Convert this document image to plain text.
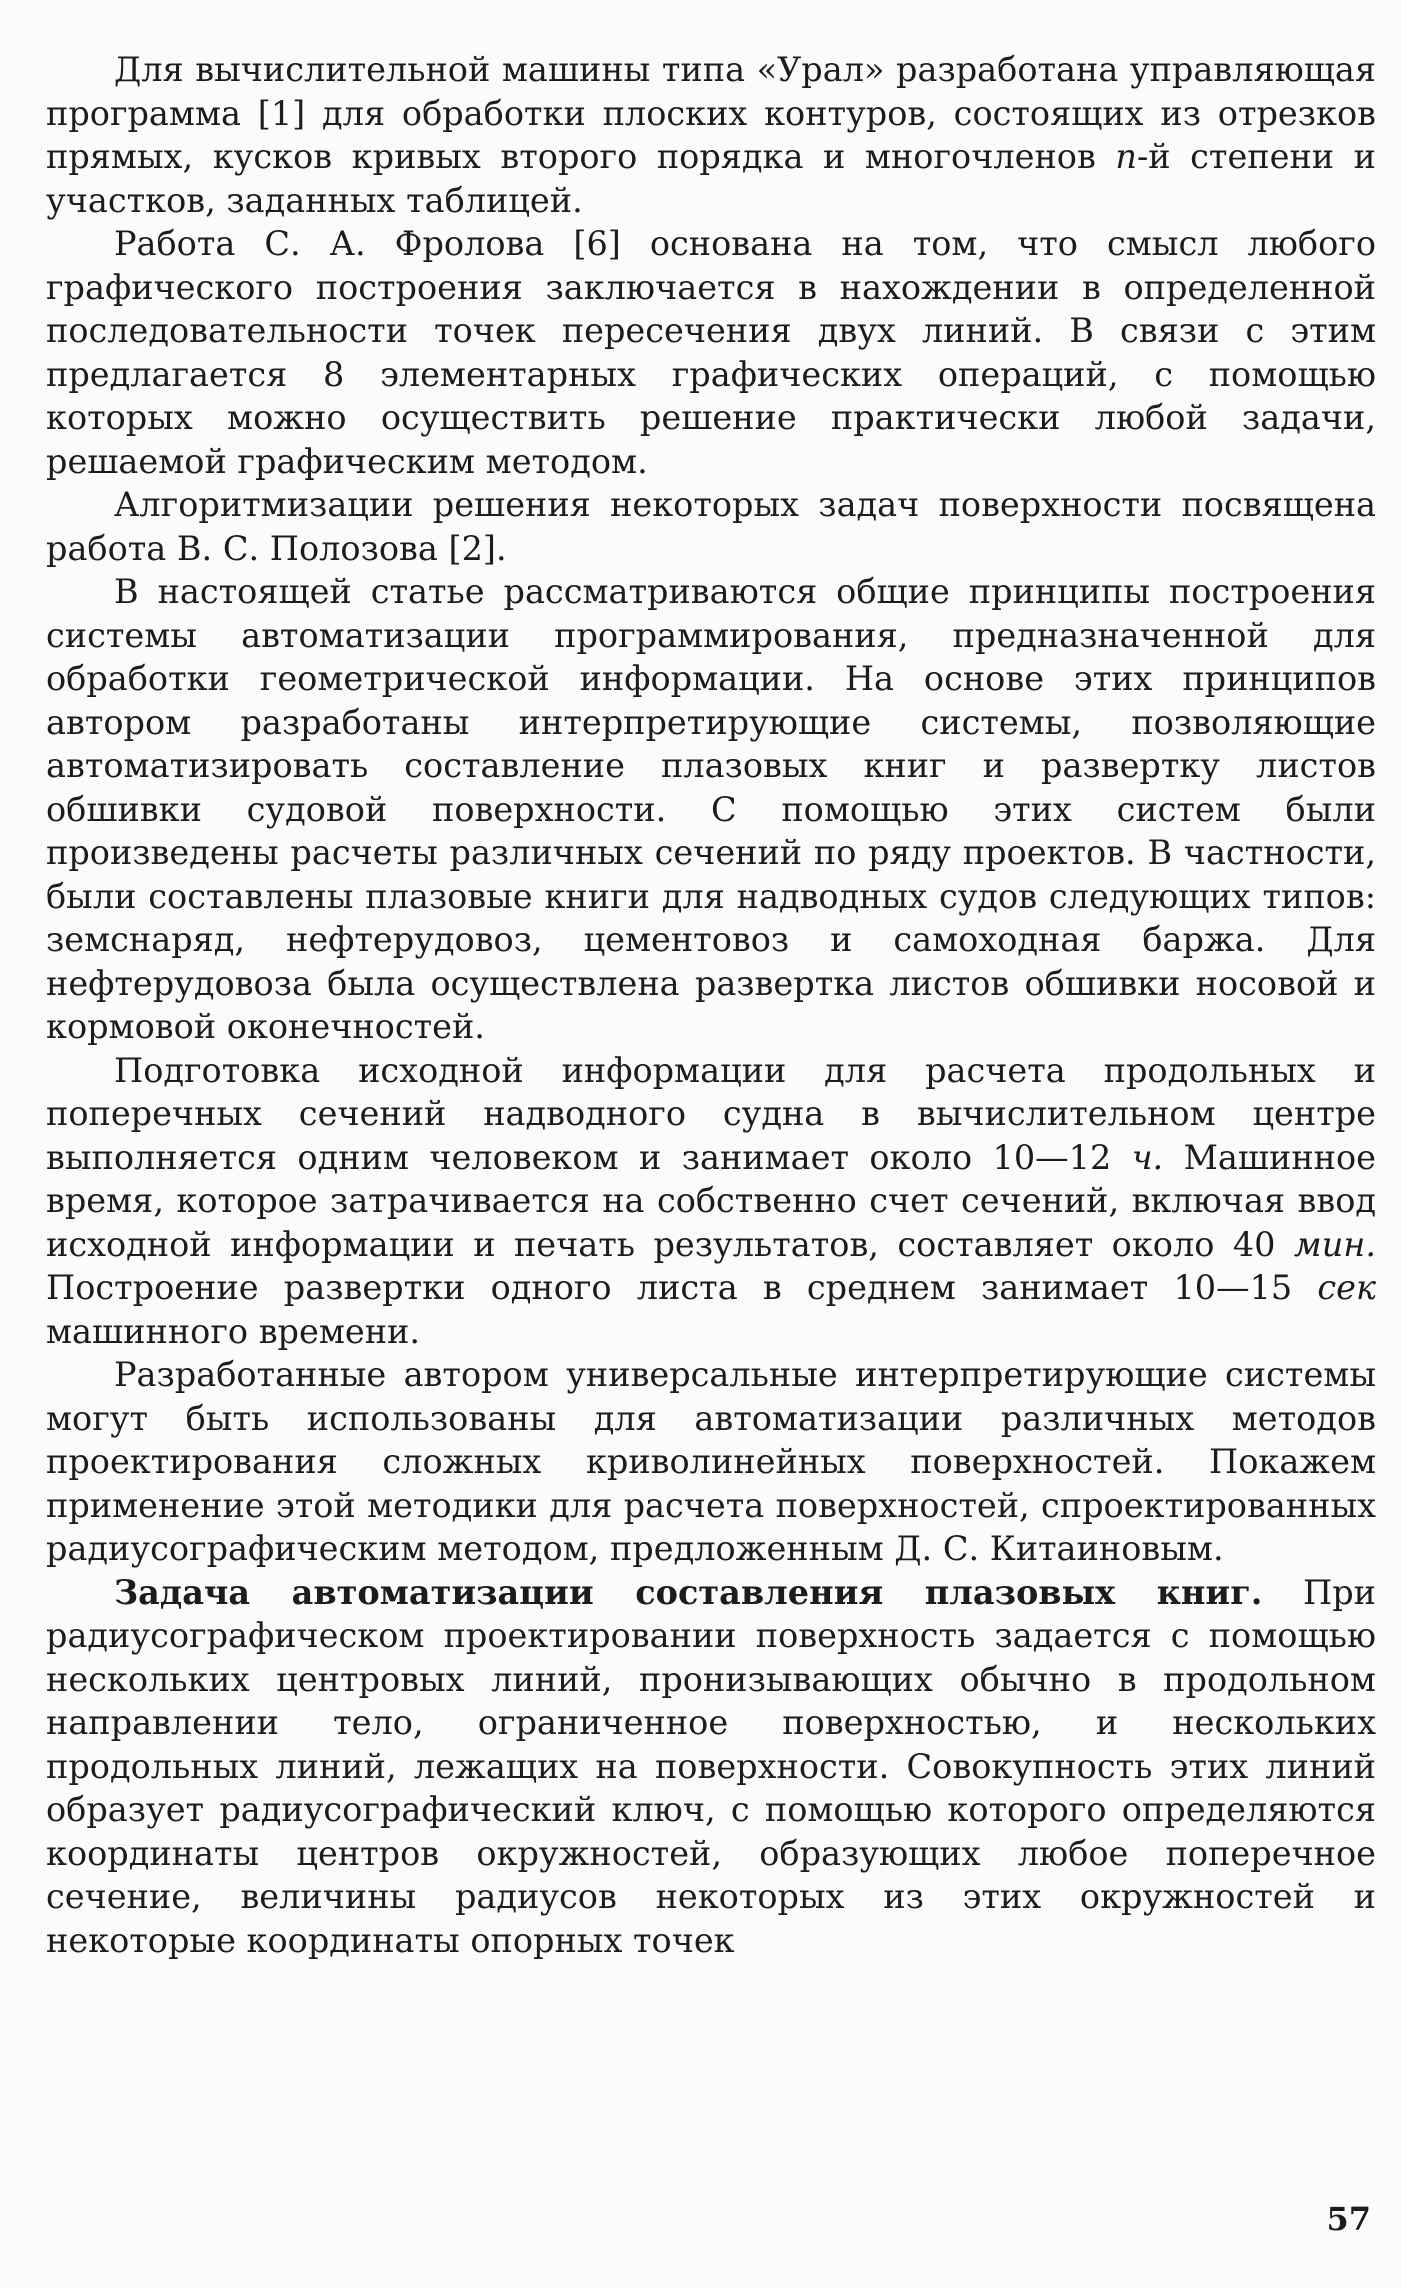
Для вычислительной машины типа «Урал» разработана управляющая программа [1] для обработки плоских контуров, состоящих из отрезков прямых, кусков кривых второго порядка и многочленов n-й степени и участков, заданных таблицей.

Работа С. А. Фролова [6] основана на том, что смысл любого графического построения заключается в нахождении в определенной последовательности точек пересечения двух линий. В связи с этим предлагается 8 элементарных графических операций, с помощью которых можно осуществить решение практически любой задачи, решаемой графическим методом.

Алгоритмизации решения некоторых задач поверхности посвящена работа В. С. Полозова [2].

В настоящей статье рассматриваются общие принципы построения системы автоматизации программирования, предназначенной для обработки геометрической информации. На основе этих принципов автором разработаны интерпретирующие системы, позволяющие автоматизировать составление плазовых книг и развертку листов обшивки судовой поверхности. С помощью этих систем были произведены расчеты различных сечений по ряду проектов. В частности, были составлены плазовые книги для надводных судов следующих типов: земснаряд, нефтерудовоз, цементовоз и самоходная баржа. Для нефтерудовоза была осуществлена развертка листов обшивки носовой и кормовой оконечностей.

Подготовка исходной информации для расчета продольных и поперечных сечений надводного судна в вычислительном центре выполняется одним человеком и занимает около 10—12 ч. Машинное время, которое затрачивается на собственно счет сечений, включая ввод исходной информации и печать результатов, составляет около 40 мин. Построение развертки одного листа в среднем занимает 10—15 сек машинного времени.

Разработанные автором универсальные интерпретирующие системы могут быть использованы для автоматизации различных методов проектирования сложных криволинейных поверхностей. Покажем применение этой методики для расчета поверхностей, спроектированных радиусографическим методом, предложенным Д. С. Китаиновым.

Задача автоматизации составления плазовых книг. При радиусографическом проектировании поверхность задается с помощью нескольких центровых линий, пронизывающих обычно в продольном направлении тело, ограниченное поверхностью, и нескольких продольных линий, лежащих на поверхности. Совокупность этих линий образует радиусографический ключ, с помощью которого определяются координаты центров окружностей, образующих любое поперечное сечение, величины радиусов некоторых из этих окружностей и некоторые координаты опорных точек

57
